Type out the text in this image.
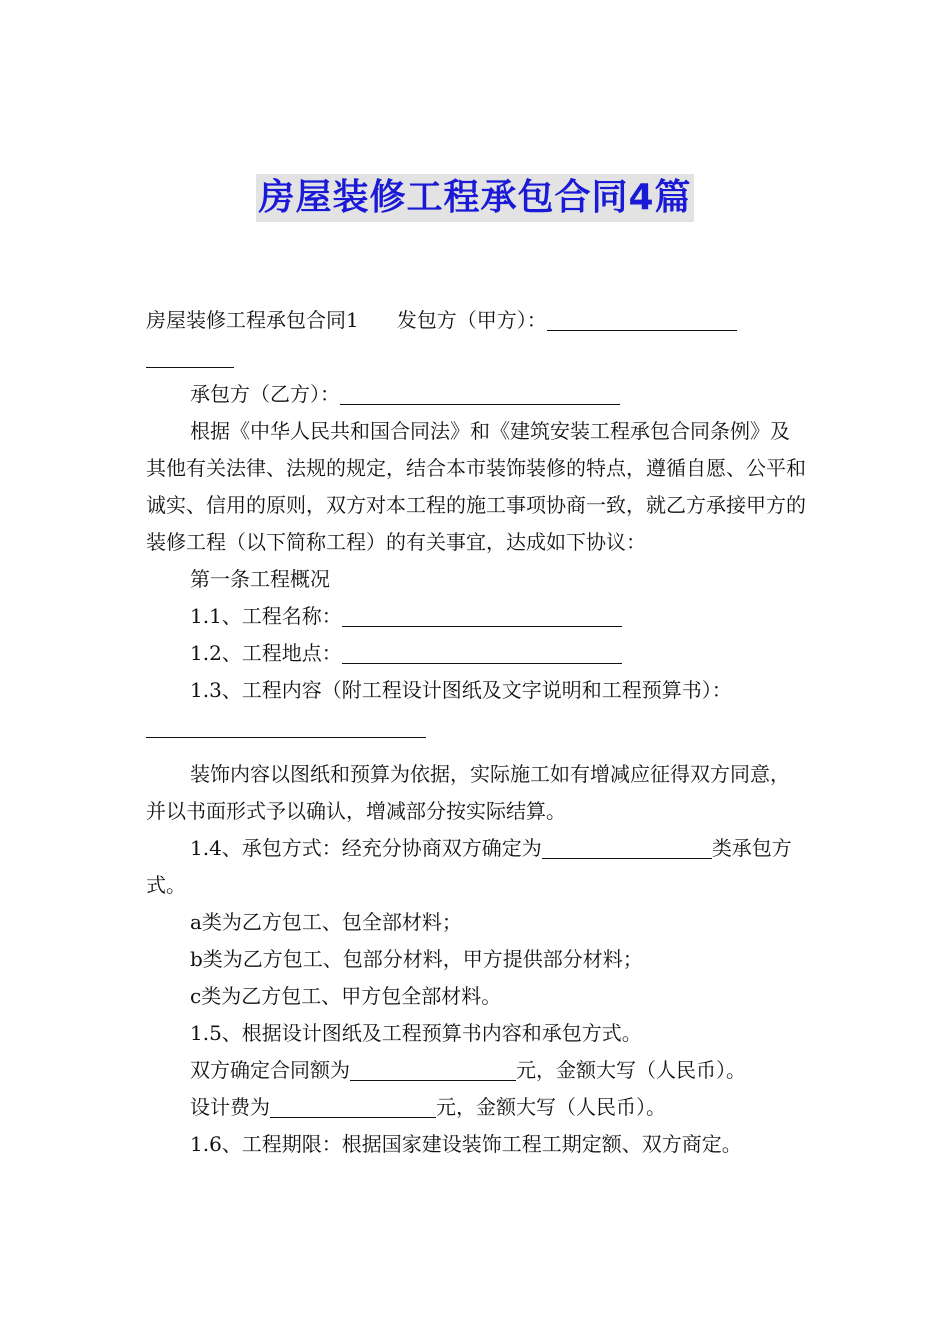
房屋装修工程承包合同4篇

房屋装修工程承包合同1 发包方（甲方）：

承包方（乙方）：

根据《中华人民共和国合同法》和《建筑安装工程承包合同条例》及其他有关法律、法规的规定，结合本市装饰装修的特点，遵循自愿、公平和诚实、信用的原则，双方对本工程的施工事项协商一致，就乙方承接甲方的装修工程（以下简称工程）的有关事宜，达成如下协议：

第一条工程概况

1.1、工程名称：

1.2、工程地点：

1.3、工程内容（附工程设计图纸及文字说明和工程预算书）：

装饰内容以图纸和预算为依据，实际施工如有增减应征得双方同意，并以书面形式予以确认，增减部分按实际结算。

1.4、承包方式：经充分协商双方确定为	类承包方式。

a类为乙方包工、包全部材料；

b类为乙方包工、包部分材料，甲方提供部分材料；

c类为乙方包工、甲方包全部材料。

1.5、根据设计图纸及工程预算书内容和承包方式。

双方确定合同额为	元，金额大写（人民币）。

设计费为	元，金额大写（人民币）。

1.6、工程期限：根据国家建设装饰工程工期定额、双方商定。
